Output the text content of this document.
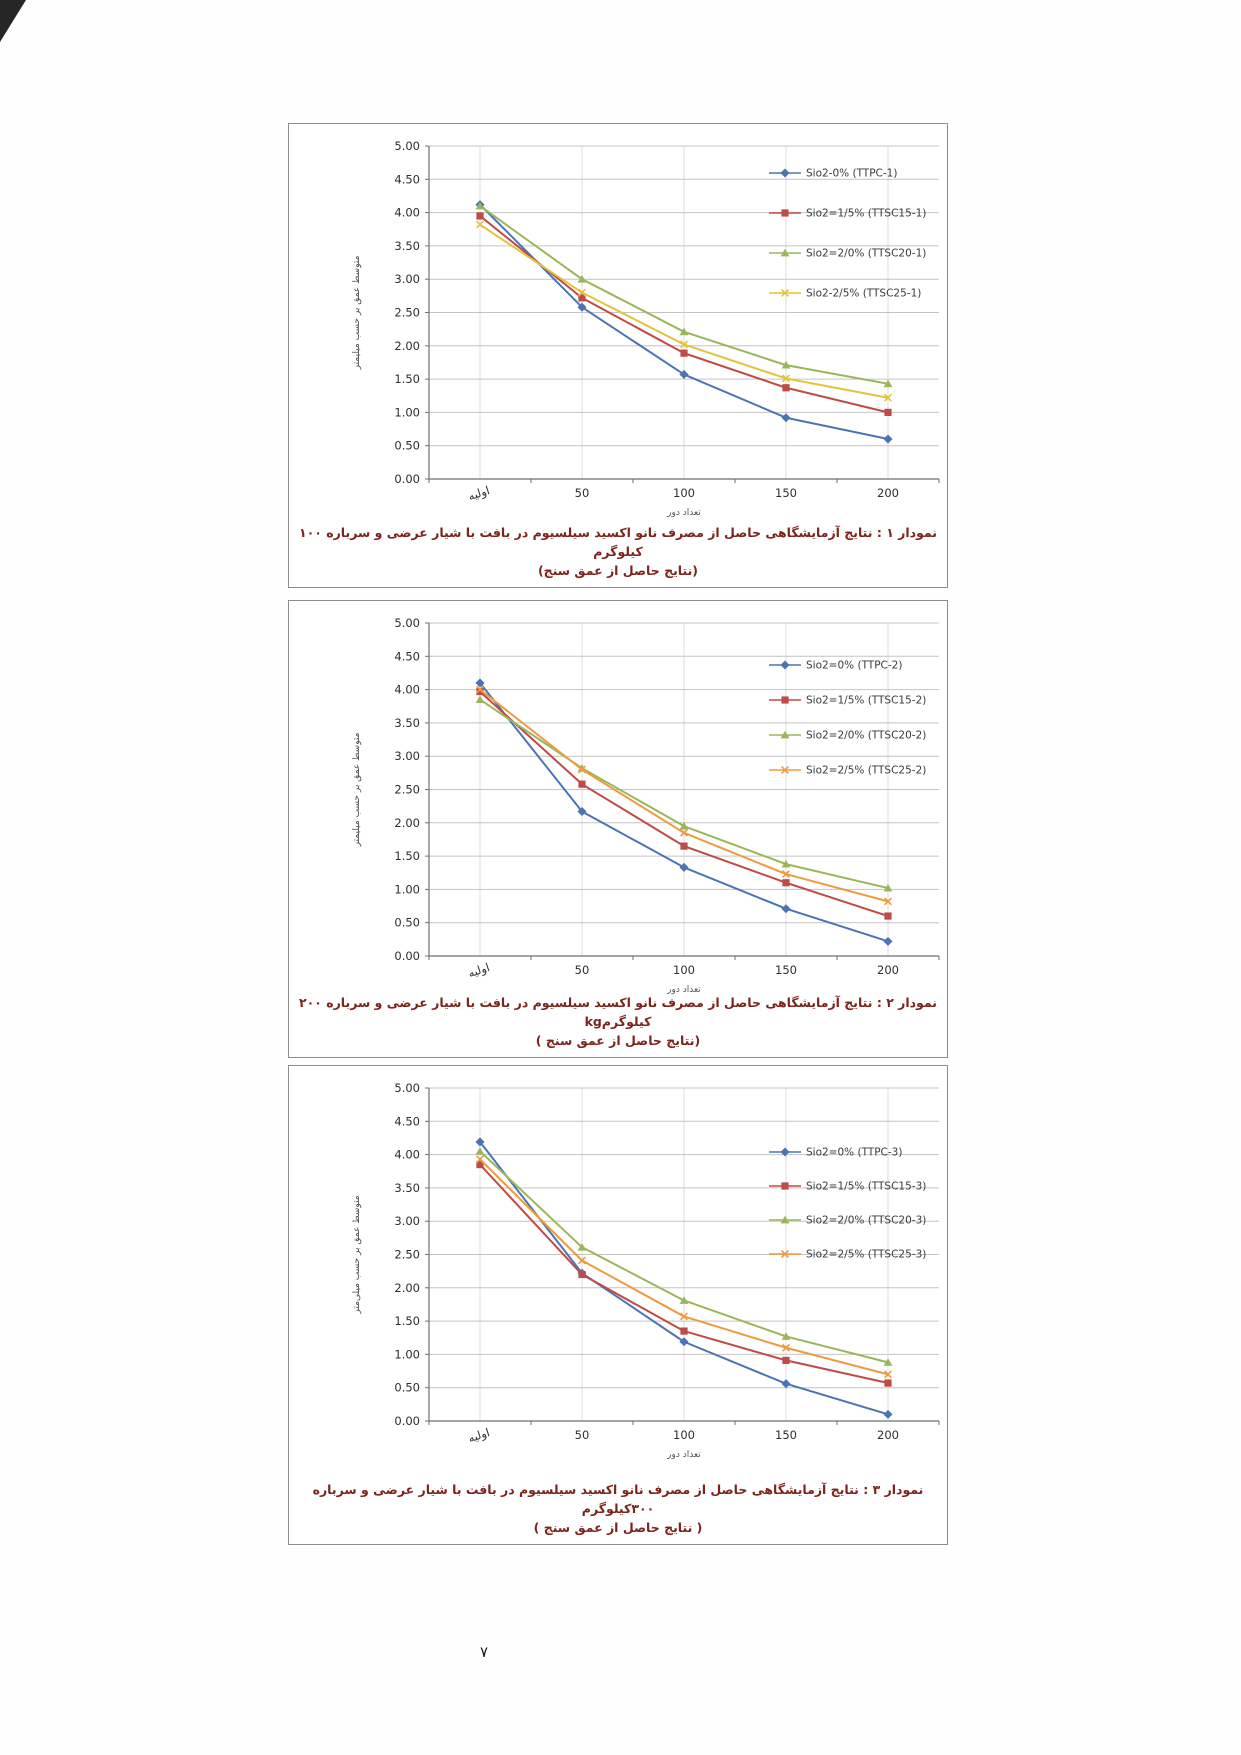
0.00
0.50
1.00
1.50
2.00
2.50
3.00
3.50
4.00
4.50
5.00
اولیه	50	100	150	200
تعداد دور
متوسط عمق بر حسب میلیمتر
Sio2-0% (TTPC-1)
Sio2=1/5% (TTSC15-1)
Sio2=2/0% (TTSC20-1)
Sio2-2/5% (TTSC25-1)
نمودار ۱ : نتایج آزمایشگاهی حاصل از مصرف نانو اکسید سیلسیوم در بافت با شیار عرضی و سرباره ۱۰۰ کیلوگرم
(نتایج حاصل از عمق سنج)
0.00
0.50
1.00
1.50
2.00
2.50
3.00
3.50
4.00
4.50
5.00
اولیه	50	100	150	200
تعداد دور
متوسط عمق بر حسب میلیمتر
Sio2=0% (TTPC-2)
Sio2=1/5% (TTSC15-2)
Sio2=2/0% (TTSC20-2)
Sio2=2/5% (TTSC25-2)
نمودار ۲ : نتایج آزمایشگاهی حاصل از مصرف نانو اکسید سیلسیوم در بافت با شیار عرضی و سرباره ۲۰۰ کیلوگرمkg
(نتایج حاصل از عمق سنج )
0.00
0.50
1.00
1.50
2.00
2.50
3.00
3.50
4.00
4.50
5.00
اولیه	50	100	150	200
تعداد دور
متوسط عمق بر حسب میلی‌متر
Sio2=0% (TTPC-3)
Sio2=1/5% (TTSC15-3)
Sio2=2/0% (TTSC20-3)
Sio2=2/5% (TTSC25-3)
نمودار ۳ : نتایج آزمایشگاهی حاصل از مصرف نانو اکسید سیلسیوم در بافت با شیار عرضی و سرباره ۳۰۰کیلوگرم
( نتایج حاصل از عمق سنج )
۷
